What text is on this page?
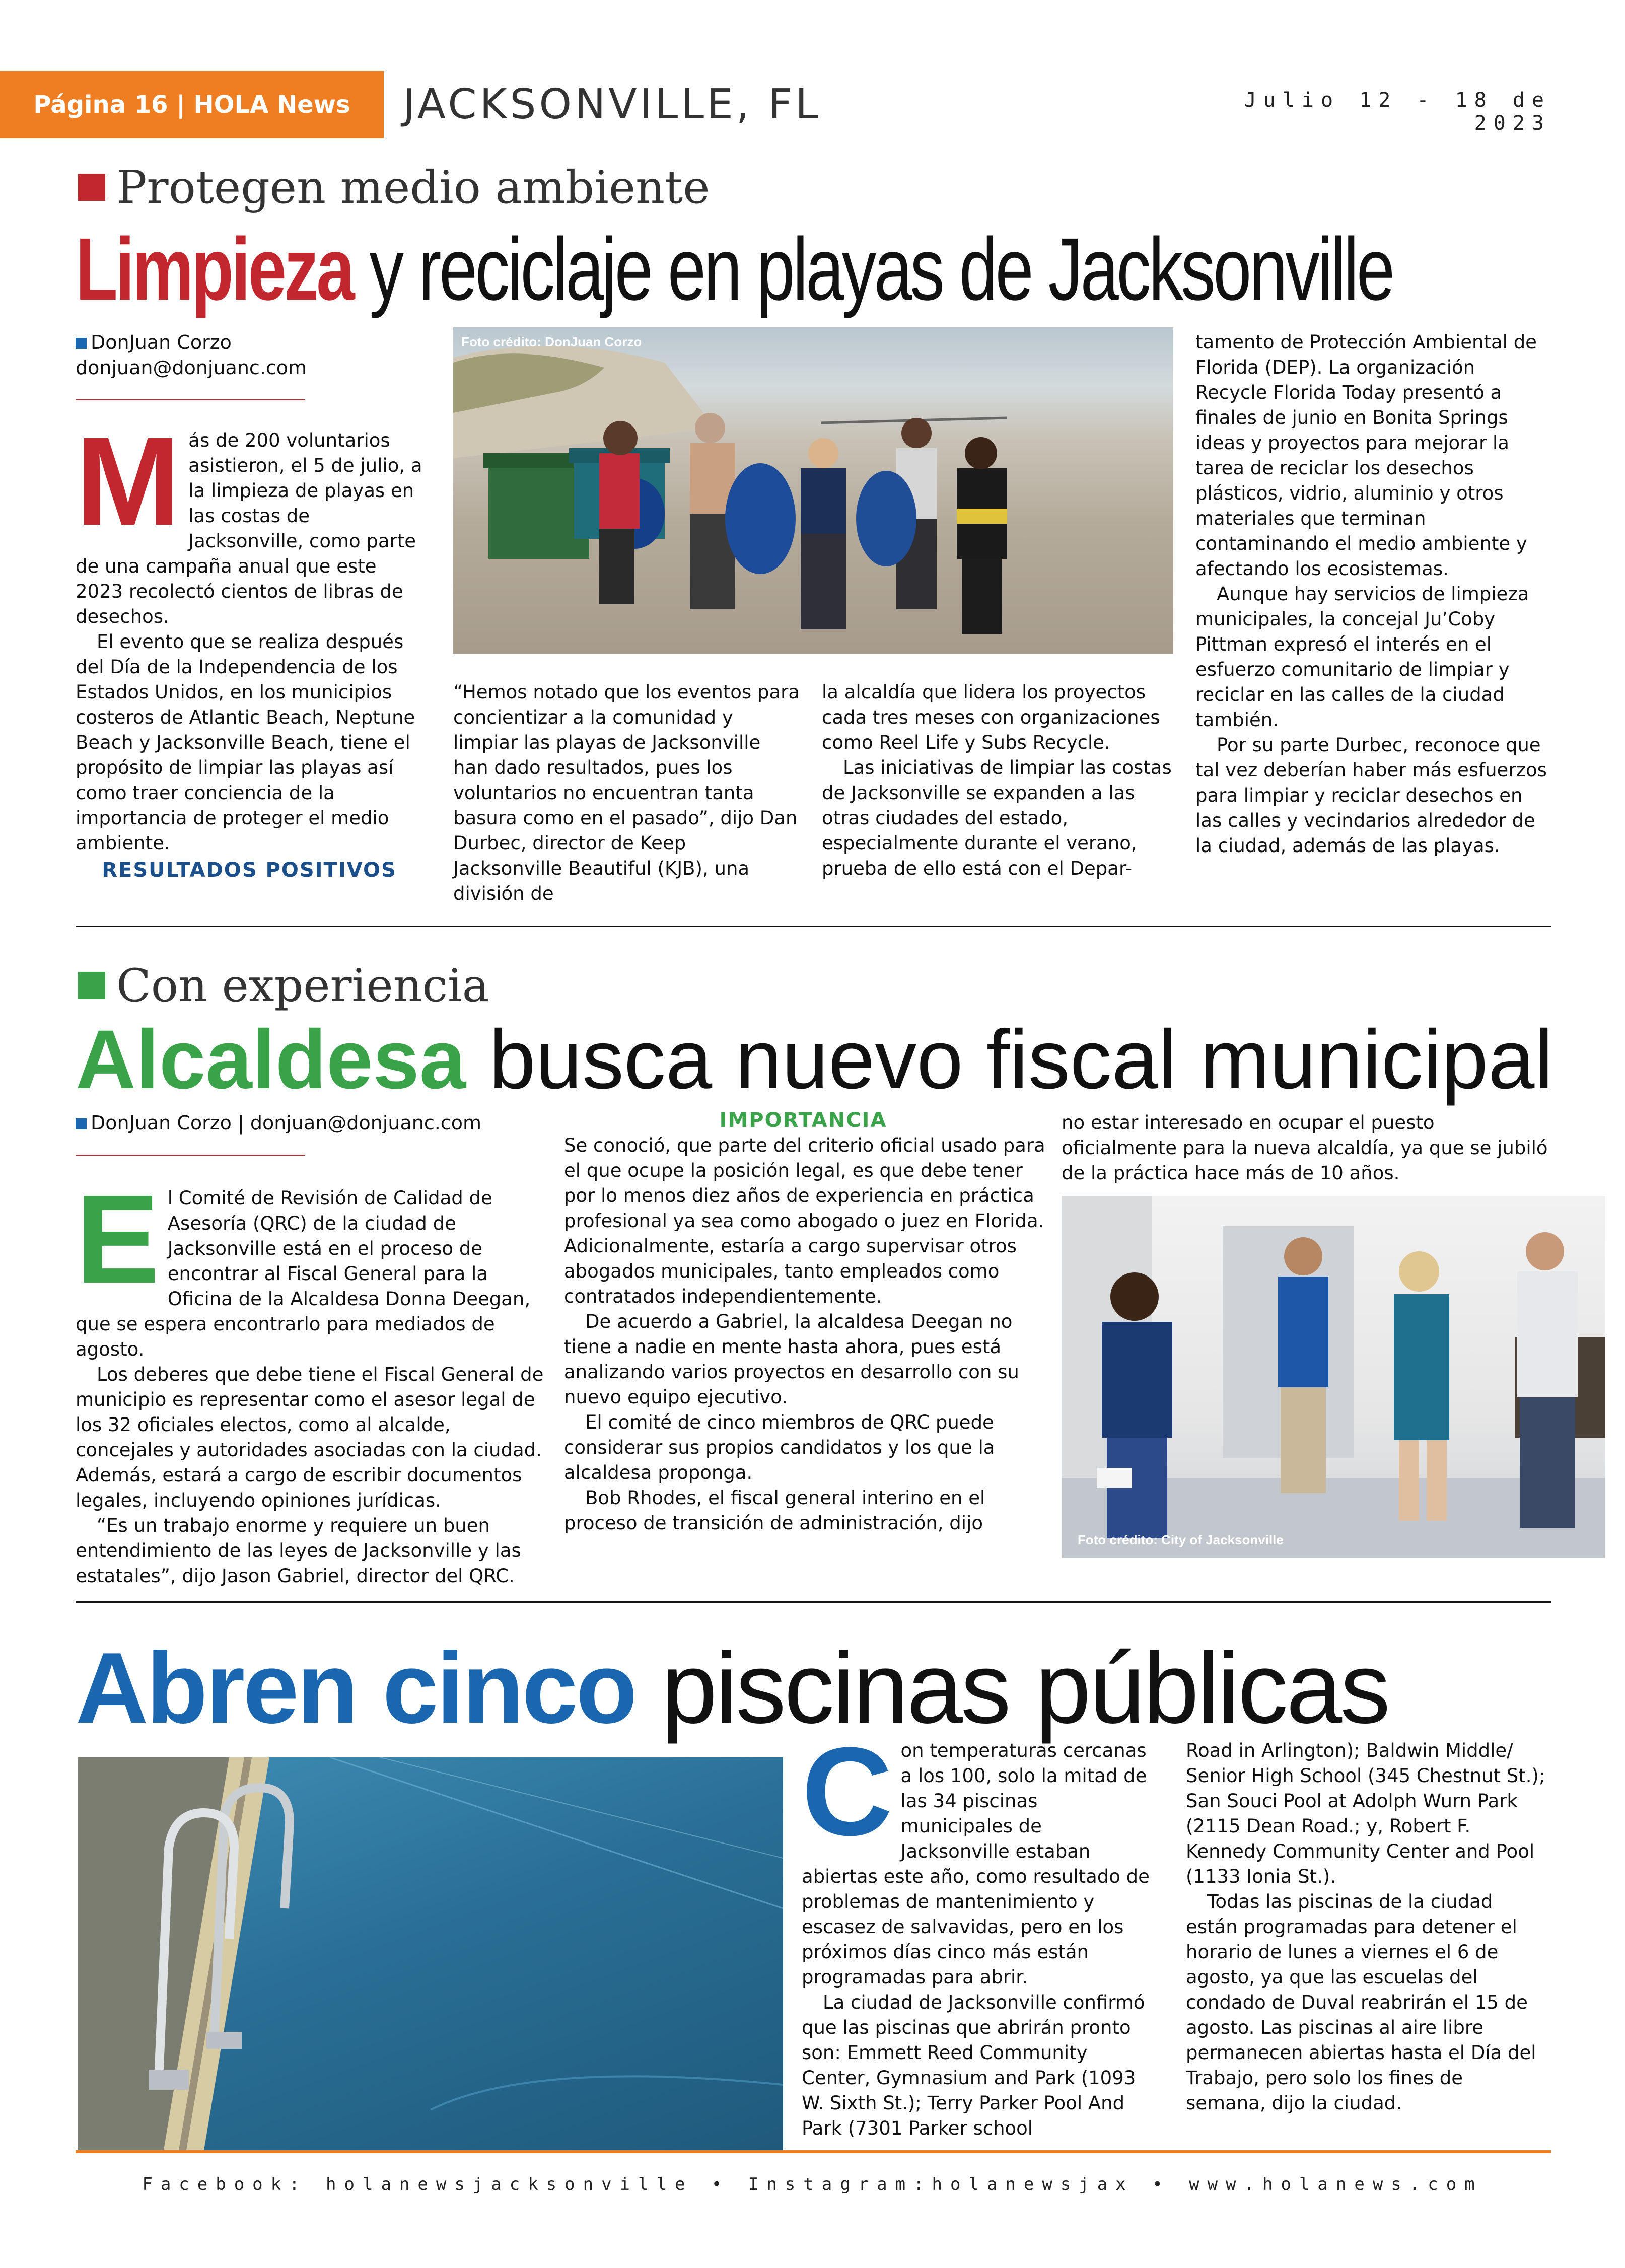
Página 16 | HOLA News	JACKSONVILLE, FL	Julio 12 - 18 de 2023
Protegen medio ambiente
Limpieza y reciclaje en playas de Jacksonville
DonJuan Corzo
donjuan@donjuanc.com
M ás de 200 voluntarios asistieron, el 5 de julio, a la limpieza de playas en las costas de Jacksonville, como parte de una campaña anual que este 2023 recolectó cientos de libras de desechos.

El evento que se realiza después del Día de la Independencia de los Estados Unidos, en los municipios costeros de Atlantic Beach, Neptune Beach y Jacksonville Beach, tiene el propósito de limpiar las playas así como traer conciencia de la importancia de proteger el medio ambiente.

RESULTADOS POSITIVOS
Foto crédito: DonJuan Corzo

“Hemos notado que los eventos para concientizar a la comunidad y limpiar las playas de Jacksonville han dado resultados, pues los voluntarios no encuentran tanta basura como en el pasado”, dijo Dan Durbec, director de Keep Jacksonville Beautiful (KJB), una división de

la alcaldía que lidera los proyectos cada tres meses con organizaciones como Reel Life y Subs Recycle.

Las iniciativas de limpiar las costas de Jacksonville se expanden a las otras ciudades del estado, especialmente durante el verano, prueba de ello está con el Depar-

tamento de Protección Ambiental de Florida (DEP). La organización Recycle Florida Today presentó a finales de junio en Bonita Springs ideas y proyectos para mejorar la tarea de reciclar los desechos plásticos, vidrio, aluminio y otros materiales que terminan contaminando el medio ambiente y afectando los ecosistemas.

Aunque hay servicios de limpieza municipales, la concejal Ju’Coby Pittman expresó el interés en el esfuerzo comunitario de limpiar y reciclar en las calles de la ciudad también.

Por su parte Durbec, reconoce que tal vez deberían haber más esfuerzos para limpiar y reciclar desechos en las calles y vecindarios alrededor de la ciudad, además de las playas.

Con experiencia
Alcaldesa busca nuevo fiscal municipal
DonJuan Corzo | donjuan@donjuanc.com
E l Comité de Revisión de Calidad de Asesoría (QRC) de la ciudad de Jacksonville está en el proceso de encontrar al Fiscal General para la Oficina de la Alcaldesa Donna Deegan, que se espera encontrarlo para mediados de agosto.

Los deberes que debe tiene el Fiscal General de municipio es representar como el asesor legal de los 32 oficiales electos, como al alcalde, concejales y autoridades asociadas con la ciudad. Además, estará a cargo de escribir documentos legales, incluyendo opiniones jurídicas.

“Es un trabajo enorme y requiere un buen entendimiento de las leyes de Jacksonville y las estatales”, dijo Jason Gabriel, director del QRC.

IMPORTANCIA

Se conoció, que parte del criterio oficial usado para el que ocupe la posición legal, es que debe tener por lo menos diez años de experiencia en práctica profesional ya sea como abogado o juez en Florida. Adicionalmente, estaría a cargo supervisar otros abogados municipales, tanto empleados como contratados independientemente.

De acuerdo a Gabriel, la alcaldesa Deegan no tiene a nadie en mente hasta ahora, pues está analizando varios proyectos en desarrollo con su nuevo equipo ejecutivo.

El comité de cinco miembros de QRC puede considerar sus propios candidatos y los que la alcaldesa proponga.

Bob Rhodes, el fiscal general interino en el proceso de transición de administración, dijo

no estar interesado en ocupar el puesto oficialmente para la nueva alcaldía, ya que se jubiló de la práctica hace más de 10 años.

Foto crédito: City of Jacksonville
Abren cinco piscinas públicas
C on temperaturas cercanas a los 100, solo la mitad de las 34 piscinas municipales de Jacksonville estaban abiertas este año, como resultado de problemas de mantenimiento y escasez de salvavidas, pero en los próximos días cinco más están programadas para abrir.

La ciudad de Jacksonville confirmó que las piscinas que abrirán pronto son: Emmett Reed Community Center, Gymnasium and Park (1093 W. Sixth St.); Terry Parker Pool And Park (7301 Parker school

Road in Arlington); Baldwin Middle/ Senior High School (345 Chestnut St.); San Souci Pool at Adolph Wurn Park (2115 Dean Road.; y, Robert F. Kennedy Community Center and Pool (1133 Ionia St.).

Todas las piscinas de la ciudad están programadas para detener el horario de lunes a viernes el 6 de agosto, ya que las escuelas del condado de Duval reabrirán el 15 de agosto. Las piscinas al aire libre permanecen abiertas hasta el Día del Trabajo, pero solo los fines de semana, dijo la ciudad.

Facebook: holanewsjacksonville • Instagram:holanewsjax • www.holanews.com
